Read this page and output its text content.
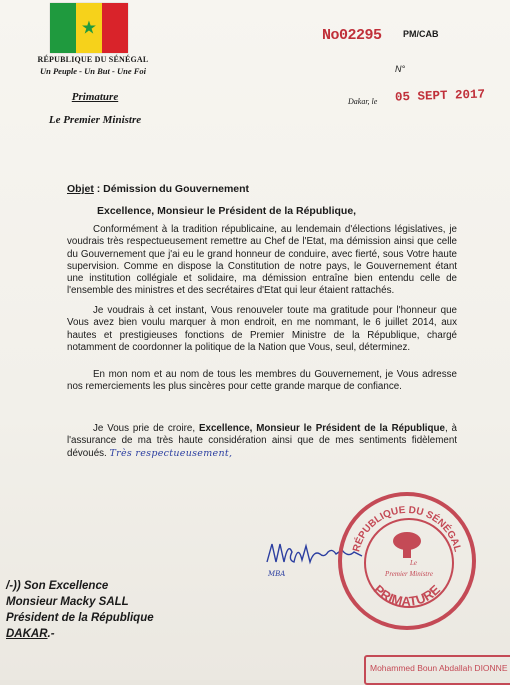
★
RÉPUBLIQUE DU SÉNÉGAL
Un Peuple - Un But - Une Foi
Primature
Le Premier Ministre
No02295 PM/CAB
N°
Dakar, le 05 SEPT 2017
Objet : Démission du Gouvernement
Excellence, Monsieur le Président de la République,

Conformément à la tradition républicaine, au lendemain d'élections législatives, je voudrais très respectueusement remettre au Chef de l'Etat, ma démission ainsi que celle du Gouvernement que j'ai eu le grand honneur de conduire, avec fierté, sous Votre haute supervision. Comme en dispose la Constitution de notre pays, le Gouvernement étant une institution collégiale et solidaire, ma démission entraîne bien entendu celle de l'ensemble des ministres et des secrétaires d'Etat qui leur étaient rattachés.

Je voudrais à cet instant, Vous renouveler toute ma gratitude pour l'honneur que Vous avez bien voulu marquer à mon endroit, en me nommant, le 6 juillet 2014, aux hautes et prestigieuses fonctions de Premier Ministre de la République, chargé notamment de coordonner la politique de la Nation que Vous, seul, déterminez.

En mon nom et au nom de tous les membres du Gouvernement, je Vous adresse nos remerciements les plus sincères pour cette grande marque de confiance.

Je Vous prie de croire, Excellence, Monsieur le Président de la République, à l'assurance de ma très haute considération ainsi que de mes sentiments fidèlement dévoués. Très respectueusement,

MBA
RÉPUBLIQUE DU SÉNÉGAL
PRIMATURE
Le
Premier Ministre
/-)) Son Excellence
Monsieur Macky SALL
Président de la République
DAKAR.-
Mohammed Boun Abdallah DIONNE
